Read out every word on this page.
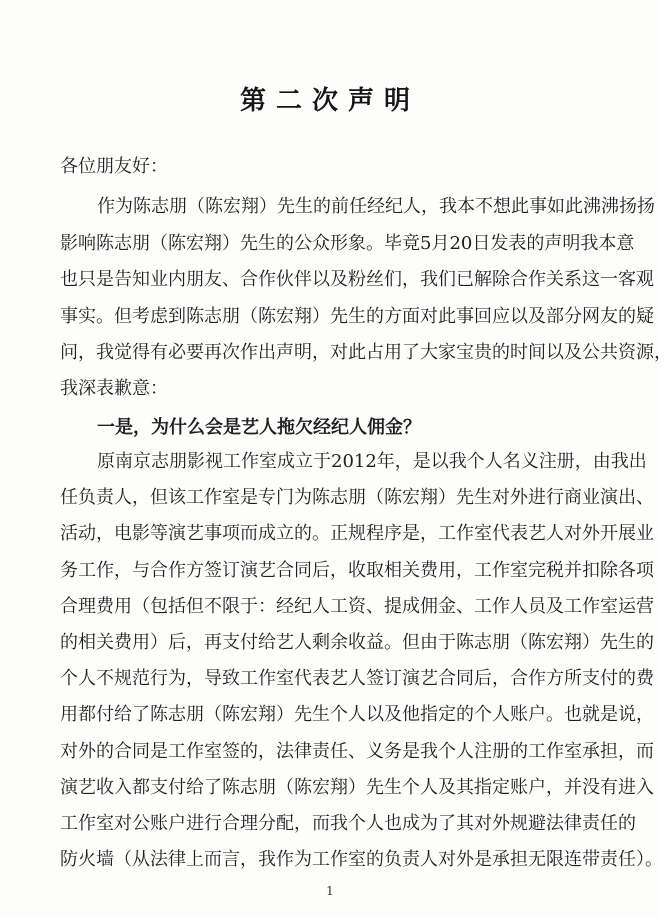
第二次声明
各位朋友好：
作为陈志朋（陈宏翔）先生的前任经纪人，我本不想此事如此沸沸扬扬
影响陈志朋（陈宏翔）先生的公众形象。毕竟5月20日发表的声明我本意
也只是告知业内朋友、合作伙伴以及粉丝们，我们已解除合作关系这一客观
事实。但考虑到陈志朋（陈宏翔）先生的方面对此事回应以及部分网友的疑
问，我觉得有必要再次作出声明，对此占用了大家宝贵的时间以及公共资源，
我深表歉意：
一是，为什么会是艺人拖欠经纪人佣金？
原南京志朋影视工作室成立于2012年，是以我个人名义注册，由我出
任负责人，但该工作室是专门为陈志朋（陈宏翔）先生对外进行商业演出、
活动，电影等演艺事项而成立的。正规程序是，工作室代表艺人对外开展业
务工作，与合作方签订演艺合同后，收取相关费用，工作室完税并扣除各项
合理费用（包括但不限于：经纪人工资、提成佣金、工作人员及工作室运营
的相关费用）后，再支付给艺人剩余收益。但由于陈志朋（陈宏翔）先生的
个人不规范行为，导致工作室代表艺人签订演艺合同后，合作方所支付的费
用都付给了陈志朋（陈宏翔）先生个人以及他指定的个人账户。也就是说，
对外的合同是工作室签的，法律责任、义务是我个人注册的工作室承担，而
演艺收入都支付给了陈志朋（陈宏翔）先生个人及其指定账户，并没有进入
工作室对公账户进行合理分配，而我个人也成为了其对外规避法律责任的
防火墙（从法律上而言，我作为工作室的负责人对外是承担无限连带责任）。
1
